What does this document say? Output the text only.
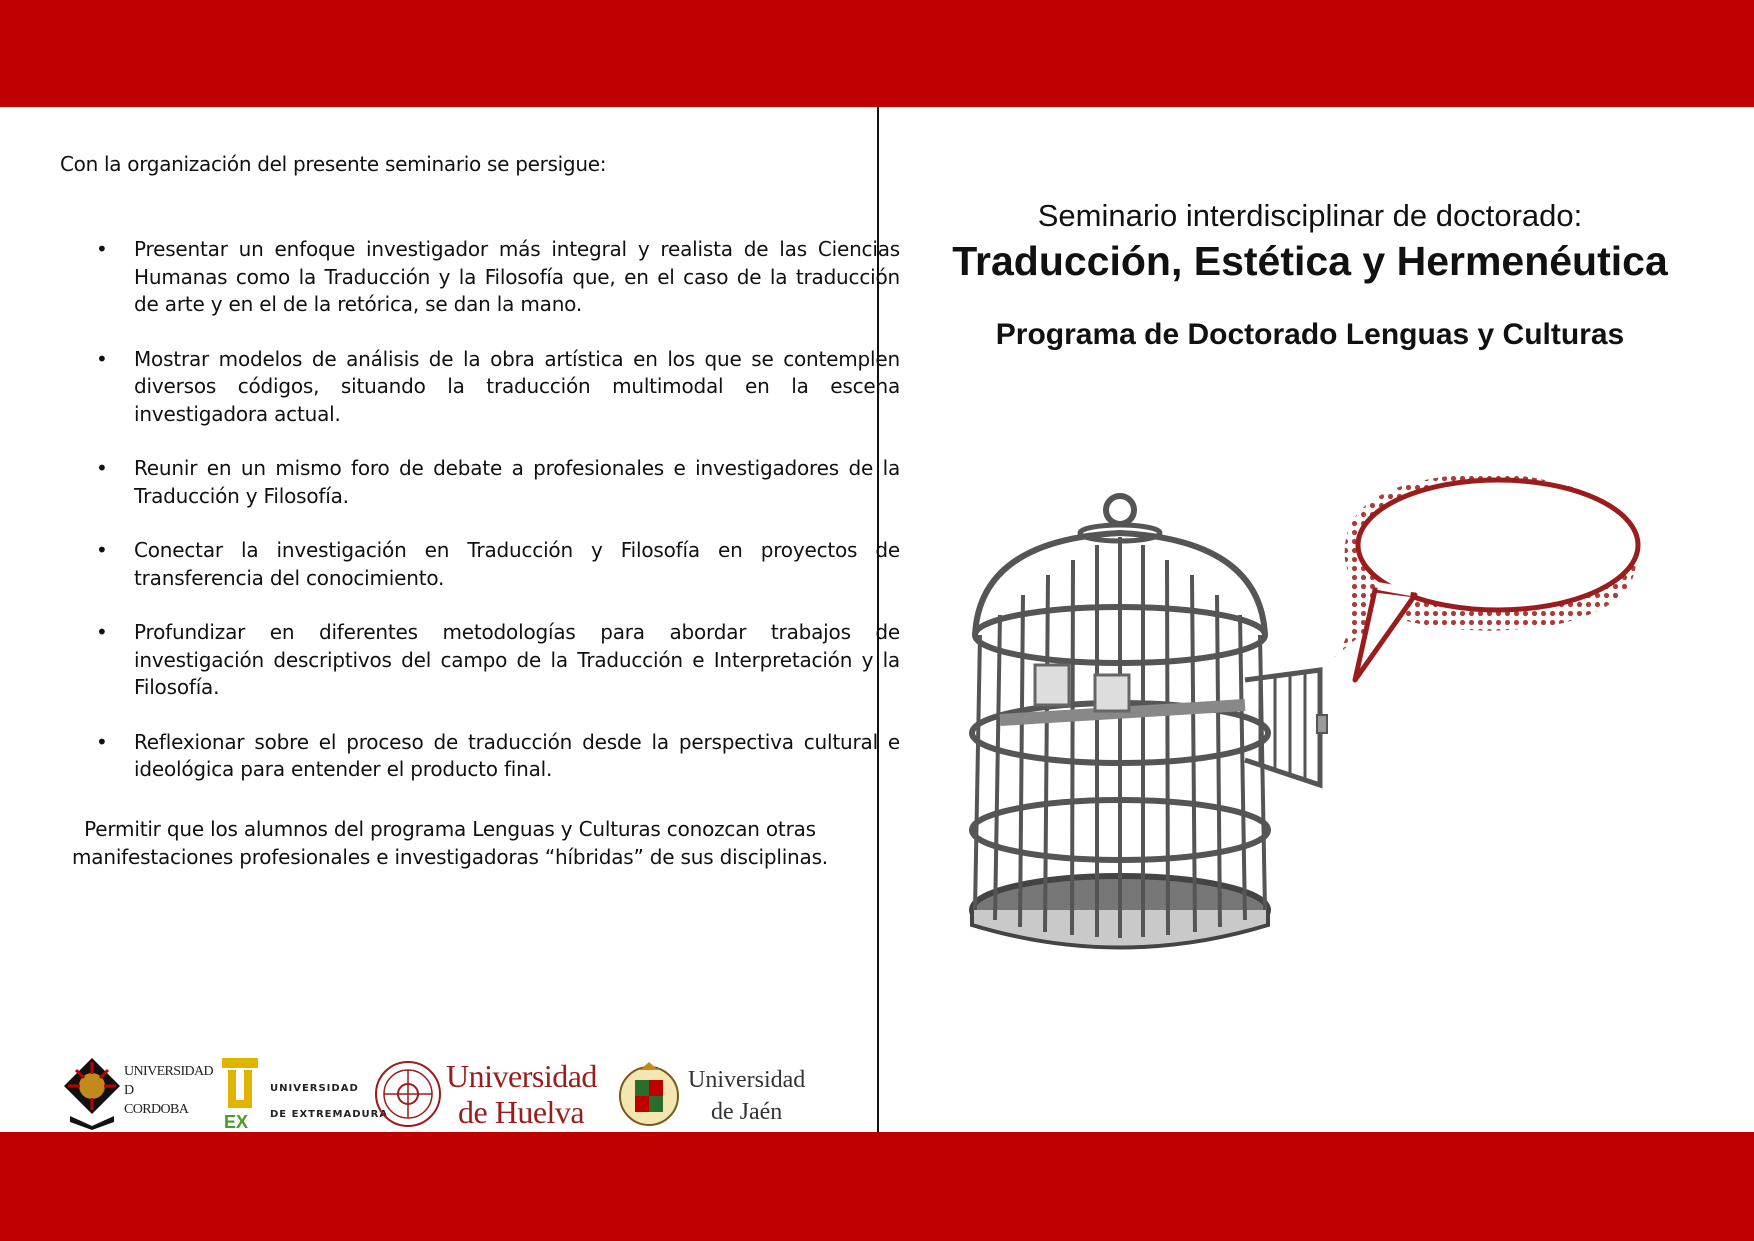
Con la organización del presente seminario se persigue:
• Presentar un enfoque investigador más integral y realista de las Ciencias Humanas como la Traducción y la Filosofía que, en el caso de la traducción de arte y en el de la retórica, se dan la mano.
• Mostrar modelos de análisis de la obra artística en los que se contemplen diversos códigos, situando la traducción multimodal en la escena investigadora actual.
• Reunir en un mismo foro de debate a profesionales e investigadores de la Traducción y Filosofía.
• Conectar la investigación en Traducción y Filosofía en proyectos de transferencia del conocimiento.
• Profundizar en diferentes metodologías para abordar trabajos de investigación descriptivos del campo de la Traducción e Interpretación y la Filosofía.
• Reflexionar sobre el proceso de traducción desde la perspectiva cultural e ideológica para entender el producto final.
Permitir que los alumnos del programa Lenguas y Culturas conozcan otras manifestaciones profesionales e investigadoras “híbridas” de sus disciplinas.
UNIVERSIDAD
D
CORDOBA
EX
UNIVERSIDAD
DE EXTREMADURA
Universidad
de Huelva
Universidad
de Jaén
Seminario interdisciplinar de doctorado:
Traducción, Estética y Hermenéutica
Programa de Doctorado Lenguas y Culturas
